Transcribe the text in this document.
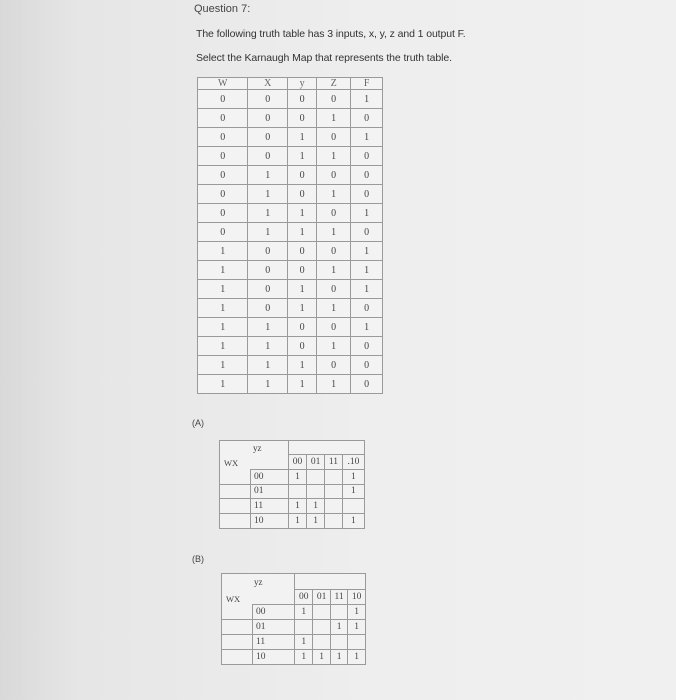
Question 7:
The following truth table has 3 inputs, x, y, z and 1 output F.
Select the Karnaugh Map that represents the truth table.
W	X	y	Z	F
0	0	0	0	1
0	0	0	1	0
0	0	1	0	1
0	0	1	1	0
0	1	0	0	0
0	1	0	1	0
0	1	1	0	1
0	1	1	1	0
1	0	0	0	1
1	0	0	1	1
1	0	1	0	1
1	0	1	1	0
1	1	0	0	1
1	1	0	1	0
1	1	1	0	0
1	1	1	1	0
(A)
yz
WX					

		00	01	11	.10
	00	1			1
	01				1
	11	1	1		
	10	1	1		1
(B)
yz
WX					

		00	01	11	10
	00	1			1
	01			1	1
	11	1			
	10	1	1	1	1
